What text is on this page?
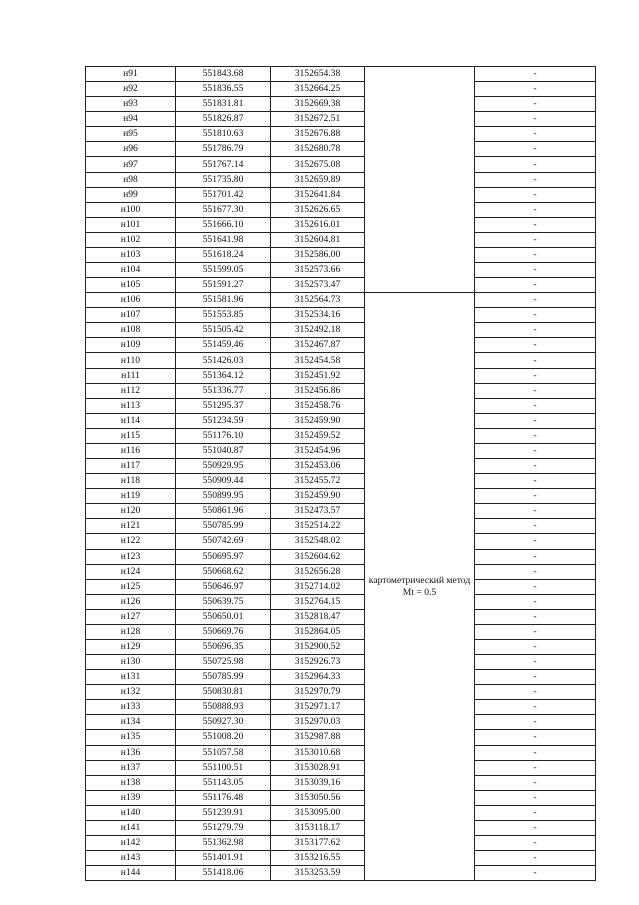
н91	551843.68	3152654.38		-
н92	551836.55	3152664.25		-
н93	551831.81	3152669.38		-
н94	551826.87	3152672.51		-
н95	551810.63	3152676.88		-
н96	551786.79	3152680.78		-
н97	551767.14	3152675.08		-
н98	551735.80	3152659.89		-
н99	551701.42	3152641.84		-
н100	551677.30	3152626.65		-
н101	551666.10	3152616.01		-
н102	551641.98	3152604.81		-
н103	551618.24	3152586.00		-
н104	551599.05	3152573.66		-
н105	551591.27	3152573.47		-
н106	551581.96	3152564.73	картометрический метод Mt = 0.5	-
н107	551553.85	3152534.16		-
н108	551505.42	3152492.18		-
н109	551459.46	3152467.87		-
н110	551426.03	3152454.58		-
н111	551364.12	3152451.92		-
н112	551336.77	3152456.86		-
н113	551295.37	3152458.76		-
н114	551234.59	3152459.90		-
н115	551176.10	3152459.52		-
н116	551040.87	3152454.96		-
н117	550929.95	3152453.06		-
н118	550909.44	3152455.72		-
н119	550899.95	3152459.90		-
н120	550861.96	3152473.57		-
н121	550785.99	3152514.22		-
н122	550742.69	3152548.02		-
н123	550695.97	3152604.62		-
н124	550668.62	3152656.28		-
н125	550646.97	3152714.02		-
н126	550639.75	3152764.15		-
н127	550650.01	3152818.47		-
н128	550669.76	3152864.05		-
н129	550696.35	3152900.52		-
н130	550725.98	3152926.73		-
н131	550785.99	3152964.33		-
н132	550830.81	3152970.79		-
н133	550888.93	3152971.17		-
н134	550927.30	3152970.03		-
н135	551008.20	3152987.88		-
н136	551057.58	3153010.68		-
н137	551100.51	3153028.91		-
н138	551143.05	3153039.16		-
н139	551176.48	3153050.56		-
н140	551239.91	3153095.00		-
н141	551279.79	3153118.17		-
н142	551362.98	3153177.62		-
н143	551401.91	3153216.55		-
н144	551418.06	3153253.59		-
